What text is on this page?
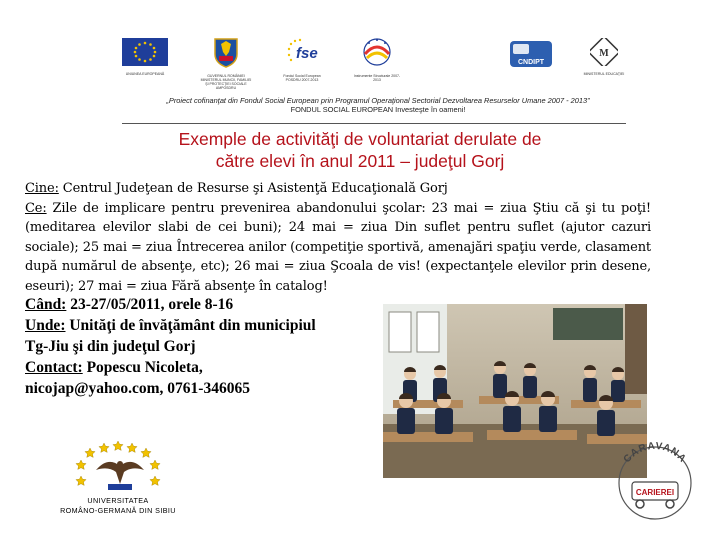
UNIUNEA EUROPEANĂ	GUVERNUL ROMÂNIEI MINISTERUL MUNCII, FAMILIEI ŞI PROTECŢIEI SOCIALE AMPOSDRU
fse
Fondul Social European POSDRU 2007-2013
Instrumente Structurale 2007-2013
CNDIPT
M
MINISTERUL EDUCAŢIEI
„Proiect cofinanţat din Fondul Social European prin Programul Operaţional Sectorial Dezvoltarea Resurselor Umane 2007 - 2013”
FONDUL SOCIAL EUROPEAN Investeşte în oameni!
Exemple de activităţi de voluntariat derulate de
către elevi în anul 2011 – judeţul Gorj

Cine: Centrul Judeţean de Resurse şi Asistenţă Educaţională Gorj

Ce: Zile de implicare pentru prevenirea abandonului şcolar: 23 mai = ziua Ştiu că şi tu poţi! (meditarea elevilor slabi de cei buni); 24 mai = ziua Din suflet pentru suflet (ajutor cazuri sociale); 25 mai = ziua Întrecerea anilor (competiţie sportivă, amenajări spaţiu verde, clasament după numărul de absenţe, etc); 26 mai = ziua Şcoala de vis! (expectanţele elevilor prin desene, eseuri); 27 mai = ziua Fără absenţe în catalog!

Când: 23-27/05/2011, orele 8-16

Unde: Unităţi de învăţământ din municipiul

Tg-Jiu şi din judeţul Gorj

Contact: Popescu Nicoleta,

nicojap@yahoo.com, 0761-346065

UNIVERSITATEA
ROMÂNO-GERMANĂ DIN SIBIU
CARAVANA
CARIEREI
